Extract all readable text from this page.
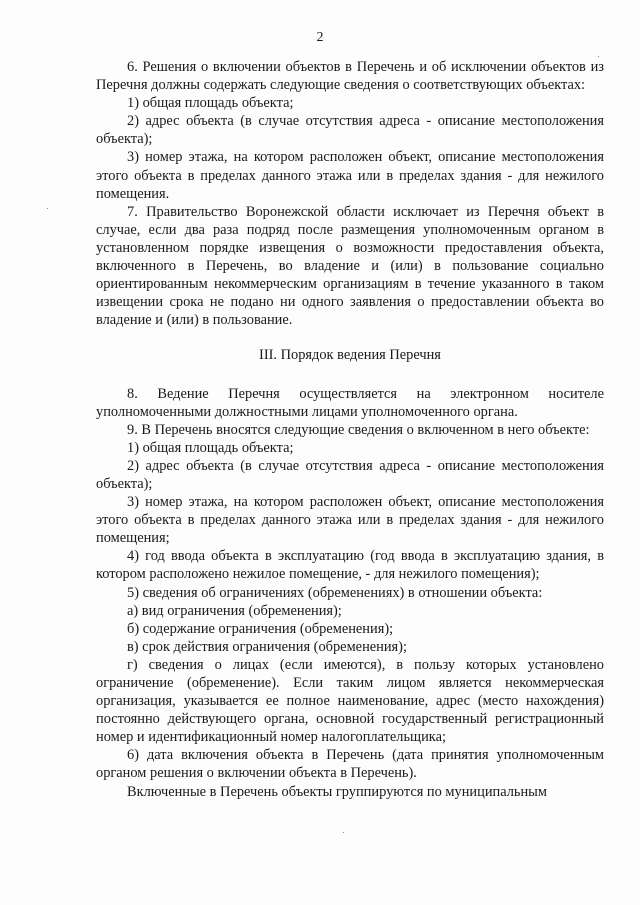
2

6. Решения о включении объектов в Перечень и об исключении объектов из Перечня должны содержать следующие сведения о соответствующих объектах:

1) общая площадь объекта;

2) адрес объекта (в случае отсутствия адреса - описание местоположения объекта);

3) номер этажа, на котором расположен объект, описание местоположения этого объекта в пределах данного этажа или в пределах здания - для нежилого помещения.

7. Правительство Воронежской области исключает из Перечня объект в случае, если два раза подряд после размещения уполномоченным органом в установленном порядке извещения о возможности предоставления объекта, включенного в Перечень, во владение и (или) в пользование социально ориентированным некоммерческим организациям в течение указанного в таком извещении срока не подано ни одного заявления о предоставлении объекта во владение и (или) в пользование.

III. Порядок ведения Перечня

8. Ведение Перечня осуществляется на электронном носителе уполномоченными должностными лицами уполномоченного органа.

9. В Перечень вносятся следующие сведения о включенном в него объекте:

1) общая площадь объекта;

2) адрес объекта (в случае отсутствия адреса - описание местоположения объекта);

3) номер этажа, на котором расположен объект, описание местоположения этого объекта в пределах данного этажа или в пределах здания - для нежилого помещения;

4) год ввода объекта в эксплуатацию (год ввода в эксплуатацию здания, в котором расположено нежилое помещение, - для нежилого помещения);

5) сведения об ограничениях (обременениях) в отношении объекта:

а) вид ограничения (обременения);

б) содержание ограничения (обременения);

в) срок действия ограничения (обременения);

г) сведения о лицах (если имеются), в пользу которых установлено ограничение (обременение). Если таким лицом является некоммерческая организация, указывается ее полное наименование, адрес (место нахождения) постоянно действующего органа, основной государственный регистрационный номер и идентификационный номер налогоплательщика;

6) дата включения объекта в Перечень (дата принятия уполномоченным органом решения о включении объекта в Перечень).

Включенные в Перечень объекты группируются по муниципальным
